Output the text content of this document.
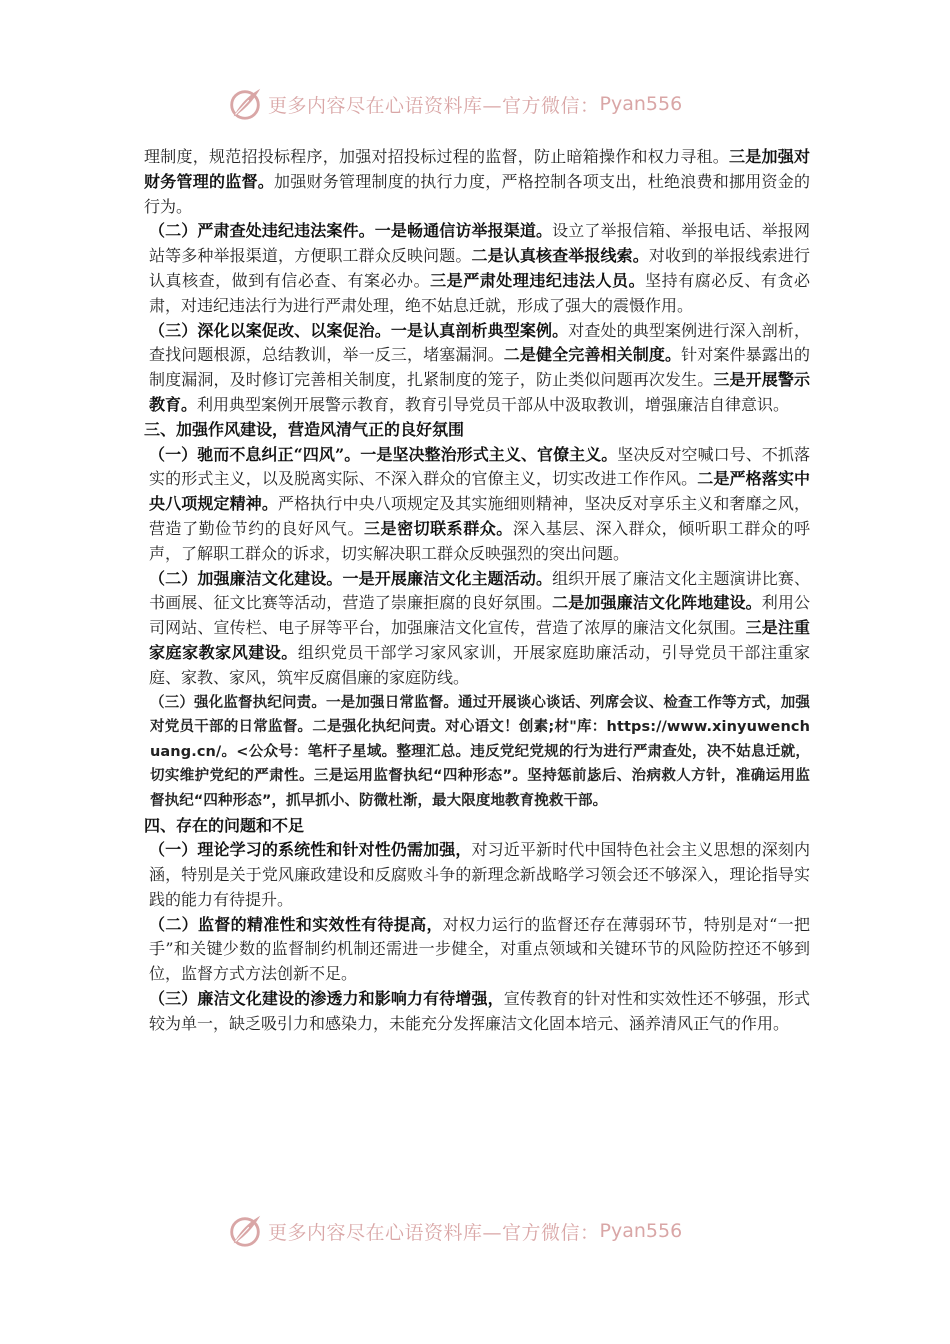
更多内容尽在心语资料库—官方微信： Pyan556

理制度，规范招投标程序，加强对招投标过程的监督，防止暗箱操作和权力寻租。三是加强对财务管理的监督。加强财务管理制度的执行力度，严格控制各项支出，杜绝浪费和挪用资金的行为。

（二）严肃查处违纪违法案件。一是畅通信访举报渠道。设立了举报信箱、举报电话、举报网站等多种举报渠道，方便职工群众反映问题。二是认真核查举报线索。对收到的举报线索进行认真核查，做到有信必查、有案必办。三是严肃处理违纪违法人员。坚持有腐必反、有贪必肃，对违纪违法行为进行严肃处理，绝不姑息迁就，形成了强大的震慑作用。

（三）深化以案促改、以案促治。一是认真剖析典型案例。对查处的典型案例进行深入剖析，查找问题根源，总结教训，举一反三，堵塞漏洞。二是健全完善相关制度。针对案件暴露出的制度漏洞，及时修订完善相关制度，扎紧制度的笼子，防止类似问题再次发生。三是开展警示教育。利用典型案例开展警示教育，教育引导党员干部从中汲取教训，增强廉洁自律意识。

三、加强作风建设，营造风清气正的良好氛围

（一）驰而不息纠正“四风”。一是坚决整治形式主义、官僚主义。坚决反对空喊口号、不抓落实的形式主义，以及脱离实际、不深入群众的官僚主义，切实改进工作作风。二是严格落实中央八项规定精神。严格执行中央八项规定及其实施细则精神，坚决反对享乐主义和奢靡之风，营造了勤俭节约的良好风气。三是密切联系群众。深入基层、深入群众，倾听职工群众的呼声，了解职工群众的诉求，切实解决职工群众反映强烈的突出问题。

（二）加强廉洁文化建设。一是开展廉洁文化主题活动。组织开展了廉洁文化主题演讲比赛、书画展、征文比赛等活动，营造了崇廉拒腐的良好氛围。二是加强廉洁文化阵地建设。利用公司网站、宣传栏、电子屏等平台，加强廉洁文化宣传，营造了浓厚的廉洁文化氛围。三是注重家庭家教家风建设。组织党员干部学习家风家训，开展家庭助廉活动，引导党员干部注重家庭、家教、家风，筑牢反腐倡廉的家庭防线。

（三）强化监督执纪问责。一是加强日常监督。通过开展谈心谈话、列席会议、检查工作等方式，加强对党员干部的日常监督。二是强化执纪问责。对心语文！创素;材"库：https://www.xinyuwenchuang.cn/。<公众号：笔杆子星域。整理汇总。违反党纪党规的行为进行严肃查处，决不姑息迁就，切实维护党纪的严肃性。三是运用监督执纪“四种形态”。坚持惩前毖后、治病救人方针，准确运用监督执纪“四种形态”，抓早抓小、防微杜渐，最大限度地教育挽救干部。

四、存在的问题和不足

（一）理论学习的系统性和针对性仍需加强，对习近平新时代中国特色社会主义思想的深刻内涵，特别是关于党风廉政建设和反腐败斗争的新理念新战略学习领会还不够深入，理论指导实践的能力有待提升。

（二）监督的精准性和实效性有待提高，对权力运行的监督还存在薄弱环节，特别是对“一把手”和关键少数的监督制约机制还需进一步健全，对重点领域和关键环节的风险防控还不够到位，监督方式方法创新不足。

（三）廉洁文化建设的渗透力和影响力有待增强，宣传教育的针对性和实效性还不够强，形式较为单一，缺乏吸引力和感染力，未能充分发挥廉洁文化固本培元、涵养清风正气的作用。

更多内容尽在心语资料库—官方微信： Pyan556
